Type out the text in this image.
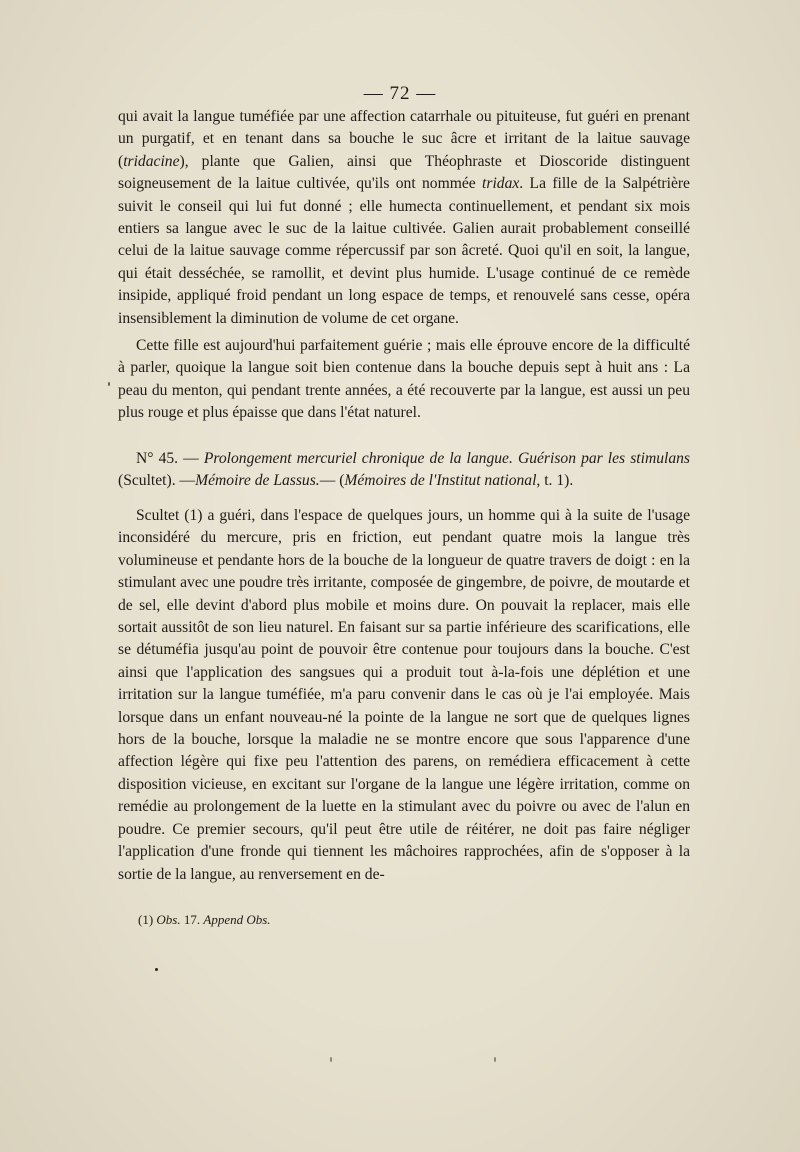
— 72 —

qui avait la langue tuméfiée par une affection catarrhale ou pituiteuse, fut guéri en prenant un purgatif, et en tenant dans sa bouche le suc âcre et irritant de la laitue sauvage (tridacine), plante que Galien, ainsi que Théophraste et Dioscoride distinguent soigneusement de la laitue cultivée, qu'ils ont nommée tridax. La fille de la Salpétrière suivit le conseil qui lui fut donné ; elle humecta continuellement, et pendant six mois entiers sa langue avec le suc de la laitue cultivée. Galien aurait probablement conseillé celui de la laitue sauvage comme répercussif par son âcreté. Quoi qu'il en soit, la langue, qui était desséchée, se ramollit, et devint plus humide. L'usage continué de ce remède insipide, appliqué froid pendant un long espace de temps, et renouvelé sans cesse, opéra insensiblement la diminution de volume de cet organe.

Cette fille est aujourd'hui parfaitement guérie ; mais elle éprouve encore de la difficulté à parler, quoique la langue soit bien contenue dans la bouche depuis sept à huit ans : La peau du menton, qui pendant trente années, a été recouverte par la langue, est aussi un peu plus rouge et plus épaisse que dans l'état naturel.

N° 45. — Prolongement mercuriel chronique de la langue. Guérison par les stimulans (Scultet). —Mémoire de Lassus.— (Mémoires de l'Institut national, t. 1).

Scultet (1) a guéri, dans l'espace de quelques jours, un homme qui à la suite de l'usage inconsidéré du mercure, pris en friction, eut pendant quatre mois la langue très volumineuse et pendante hors de la bouche de la longueur de quatre travers de doigt : en la stimulant avec une poudre très irritante, composée de gingembre, de poivre, de moutarde et de sel, elle devint d'abord plus mobile et moins dure. On pouvait la replacer, mais elle sortait aussitôt de son lieu naturel. En faisant sur sa partie inférieure des scarifications, elle se détuméfia jusqu'au point de pouvoir être contenue pour toujours dans la bouche. C'est ainsi que l'application des sangsues qui a produit tout à-la-fois une déplétion et une irritation sur la langue tuméfiée, m'a paru convenir dans le cas où je l'ai employée. Mais lorsque dans un enfant nouveau-né la pointe de la langue ne sort que de quelques lignes hors de la bouche, lorsque la maladie ne se montre encore que sous l'apparence d'une affection légère qui fixe peu l'attention des parens, on remédiera efficacement à cette disposition vicieuse, en excitant sur l'organe de la langue une légère irritation, comme on remédie au prolongement de la luette en la stimulant avec du poivre ou avec de l'alun en poudre. Ce premier secours, qu'il peut être utile de réitérer, ne doit pas faire négliger l'application d'une fronde qui tiennent les mâchoires rapprochées, afin de s'opposer à la sortie de la langue, au renversement en de-

(1) Obs. 17. Append Obs.
